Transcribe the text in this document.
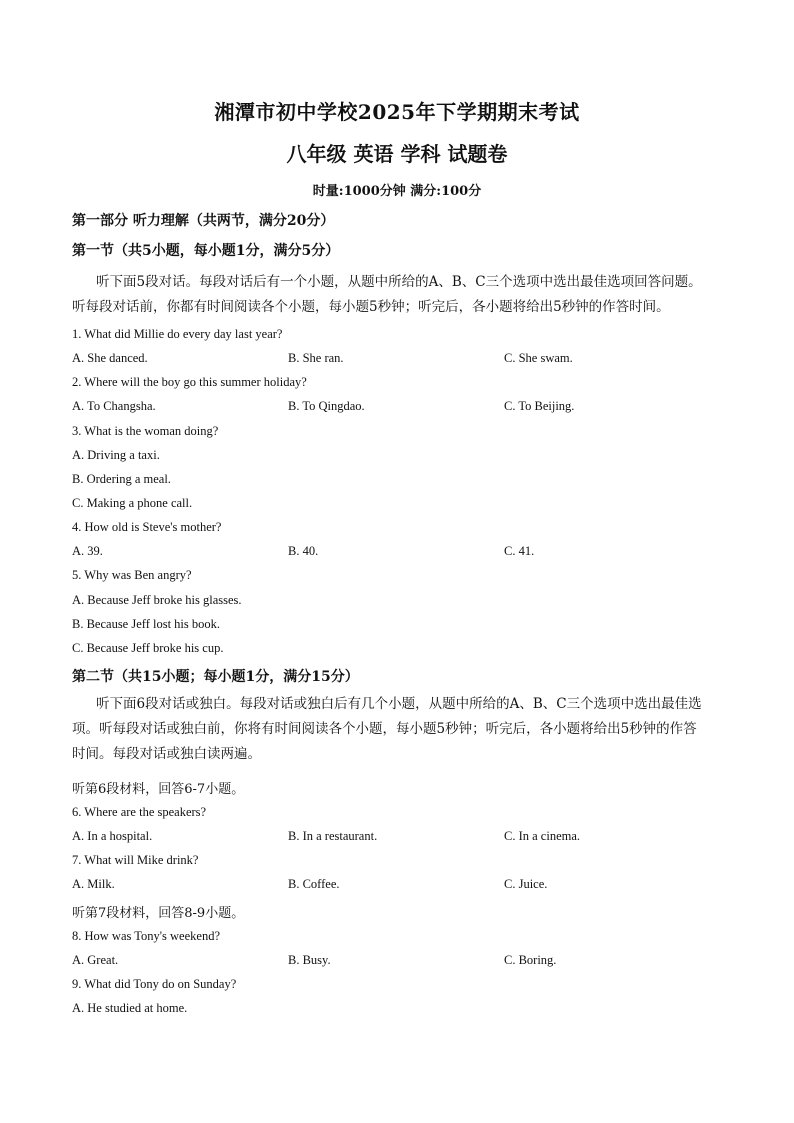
湘潭市初中学校2025年下学期期末考试
八年级 英语 学科 试题卷
时量:1000分钟 满分:100分
第一部分 听力理解（共两节，满分20分）
第一节（共5小题，每小题1分，满分5分）
听下面5段对话。每段对话后有一个小题，从题中所给的A、B、C三个选项中选出最佳选项回答问题。
听每段对话前，你都有时间阅读各个小题，每小题5秒钟；听完后，各小题将给出5秒钟的作答时间。
1. What did Millie do every day last year?
A. She danced.	B. She ran.	C. She swam.
2. Where will the boy go this summer holiday?
A. To Changsha.	B. To Qingdao.	C. To Beijing.
3. What is the woman doing?
A. Driving a taxi.
B. Ordering a meal.
C. Making a phone call.
4. How old is Steve's mother?
A. 39.	B. 40.	C. 41.
5. Why was Ben angry?
A. Because Jeff broke his glasses.
B. Because Jeff lost his book.
C. Because Jeff broke his cup.
第二节（共15小题；每小题1分，满分15分）
听下面6段对话或独白。每段对话或独白后有几个小题，从题中所给的A、B、C三个选项中选出最佳选
项。听每段对话或独白前，你将有时间阅读各个小题，每小题5秒钟；听完后，各小题将给出5秒钟的作答
时间。每段对话或独白读两遍。
听第6段材料，回答6-7小题。
6. Where are the speakers?
A. In a hospital.	B. In a restaurant.	C. In a cinema.
7. What will Mike drink?
A. Milk.	B. Coffee.	C. Juice.
听第7段材料，回答8-9小题。
8. How was Tony's weekend?
A. Great.	B. Busy.	C. Boring.
9. What did Tony do on Sunday?
A. He studied at home.
